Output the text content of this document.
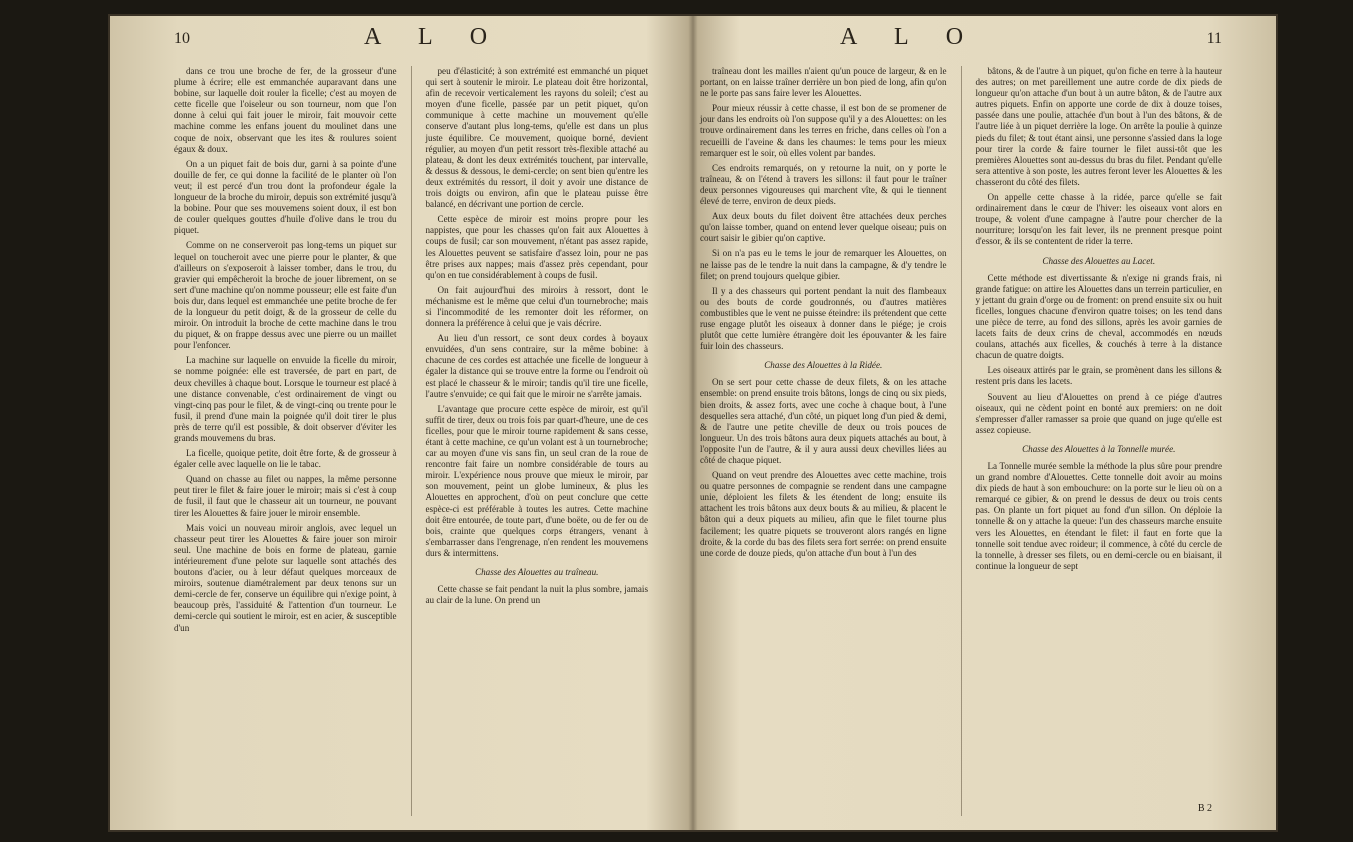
10	A L O

dans ce trou une broche de fer, de la grosseur d'une plume à écrire; elle est emmanchée auparavant dans une bobine, sur laquelle doit rouler la ficelle; c'est au moyen de cette ficelle que l'oiseleur ou son tourneur, nom que l'on donne à celui qui fait jouer le miroir, fait mouvoir cette machine comme les enfans jouent du moulinet dans une coque de noix, observant que les ites & roulures soient égaux & doux.

On a un piquet fait de bois dur, garni à sa pointe d'une douille de fer, ce qui donne la facilité de le planter où l'on veut; il est percé d'un trou dont la profondeur égale la longueur de la broche du miroir, depuis son extrémité jusqu'à la bobine. Pour que ses mouvemens soient doux, il est bon de couler quelques gouttes d'huile d'olive dans le trou du piquet.

Comme on ne conserveroit pas long-tems un piquet sur lequel on toucheroit avec une pierre pour le planter, & que d'ailleurs on s'exposeroit à laisser tomber, dans le trou, du gravier qui empêcheroit la broche de jouer librement, on se sert d'une machine qu'on nomme pousseur; elle est faite d'un bois dur, dans lequel est emmanchée une petite broche de fer de la longueur du petit doigt, & de la grosseur de celle du miroir. On introduit la broche de cette machine dans le trou du piquet, & on frappe dessus avec une pierre ou un maillet pour l'enfoncer.

La machine sur laquelle on envuide la ficelle du miroir, se nomme poignée: elle est traversée, de part en part, de deux chevilles à chaque bout. Lorsque le tourneur est placé à une distance convenable, c'est ordinairement de vingt ou vingt-cinq pas pour le filet, & de vingt-cinq ou trente pour le fusil, il prend d'une main la poignée qu'il doit tirer le plus près de terre qu'il est possible, & doit observer d'éviter les grands mouvemens du bras.

La ficelle, quoique petite, doit être forte, & de grosseur à égaler celle avec laquelle on lie le tabac.

Quand on chasse au filet ou nappes, la même personne peut tirer le filet & faire jouer le miroir; mais si c'est à coup de fusil, il faut que le chasseur ait un tourneur, ne pouvant tirer les Alouettes & faire jouer le miroir ensemble.

Mais voici un nouveau miroir anglois, avec lequel un chasseur peut tirer les Alouettes & faire jouer son miroir seul. Une machine de bois en forme de plateau, garnie intérieurement d'une pelote sur laquelle sont attachés des boutons d'acier, ou à leur défaut quelques morceaux de miroirs, soutenue diamétralement par deux tenons sur un demi-cercle de fer, conserve un équilibre qui n'exige point, à beaucoup près, l'assiduité & l'attention d'un tourneur. Le demi-cercle qui soutient le miroir, est en acier, & susceptible d'un

peu d'élasticité; à son extrémité est emmanché un piquet qui sert à soutenir le miroir. Le plateau doit être horizontal, afin de recevoir verticalement les rayons du soleil; c'est au moyen d'une ficelle, passée par un petit piquet, qu'on communique à cette machine un mouvement qu'elle conserve d'autant plus long-tems, qu'elle est dans un plus juste équilibre. Ce mouvement, quoique borné, devient régulier, au moyen d'un petit ressort très-flexible attaché au plateau, & dont les deux extrémités touchent, par intervalle, & dessus & dessous, le demi-cercle; on sent bien qu'entre les deux extrémités du ressort, il doit y avoir une distance de trois doigts ou environ, afin que le plateau puisse être balancé, en décrivant une portion de cercle.

Cette espèce de miroir est moins propre pour les nappistes, que pour les chasses qu'on fait aux Alouettes à coups de fusil; car son mouvement, n'étant pas assez rapide, les Alouettes peuvent se satisfaire d'assez loin, pour ne pas être prises aux nappes; mais d'assez près cependant, pour qu'on en tue considérablement à coups de fusil.

On fait aujourd'hui des miroirs à ressort, dont le méchanisme est le même que celui d'un tournebroche; mais si l'incommodité de les remonter doit les réformer, on donnera la préférence à celui que je vais décrire.

Au lieu d'un ressort, ce sont deux cordes à boyaux envuidées, d'un sens contraire, sur la même bobine: à chacune de ces cordes est attachée une ficelle de longueur à égaler la distance qui se trouve entre la forme ou l'endroit où est placé le chasseur & le miroir; tandis qu'il tire une ficelle, l'autre s'envuide; ce qui fait que le miroir ne s'arrête jamais.

L'avantage que procure cette espèce de miroir, est qu'il suffit de tirer, deux ou trois fois par quart-d'heure, une de ces ficelles, pour que le miroir tourne rapidement & sans cesse, étant à cette machine, ce qu'un volant est à un tournebroche; car au moyen d'une vis sans fin, un seul cran de la roue de rencontre fait faire un nombre considérable de tours au miroir. L'expérience nous prouve que mieux le miroir, par son mouvement, peint un globe lumineux, & plus les Alouettes en approchent, d'où on peut conclure que cette espèce-ci est préférable à toutes les autres. Cette machine doit être entourée, de toute part, d'une boëte, ou de fer ou de bois, crainte que quelques corps étrangers, venant à s'embarrasser dans l'engrenage, n'en rendent les mouvemens durs & intermittens.

Chasse des Alouettes au traîneau.

Cette chasse se fait pendant la nuit la plus sombre, jamais au clair de la lune. On prend un

A L O	11

traîneau dont les mailles n'aient qu'un pouce de largeur, & en le portant, on en laisse traîner derrière un bon pied de long, afin qu'on ne le porte pas sans faire lever les Alouettes.

Pour mieux réussir à cette chasse, il est bon de se promener de jour dans les endroits où l'on suppose qu'il y a des Alouettes: on les trouve ordinairement dans les terres en friche, dans celles où l'on a recueilli de l'aveine & dans les chaumes: le tems pour les mieux remarquer est le soir, où elles volent par bandes.

Ces endroits remarqués, on y retourne la nuit, on y porte le traîneau, & on l'étend à travers les sillons: il faut pour le traîner deux personnes vigoureuses qui marchent vîte, & qui le tiennent élevé de terre, environ de deux pieds.

Aux deux bouts du filet doivent être attachées deux perches qu'on laisse tomber, quand on entend lever quelque oiseau; puis on court saisir le gibier qu'on captive.

Si on n'a pas eu le tems le jour de remarquer les Alouettes, on ne laisse pas de le tendre la nuit dans la campagne, & d'y tendre le filet; on prend toujours quelque gibier.

Il y a des chasseurs qui portent pendant la nuit des flambeaux ou des bouts de corde goudronnés, ou d'autres matières combustibles que le vent ne puisse éteindre: ils prétendent que cette ruse engage plutôt les oiseaux à donner dans le piége; je crois plutôt que cette lumière étrangère doit les épouvanter & les faire fuir loin des chasseurs.

Chasse des Alouettes à la Ridée.

On se sert pour cette chasse de deux filets, & on les attache ensemble: on prend ensuite trois bâtons, longs de cinq ou six pieds, bien droits, & assez forts, avec une coche à chaque bout, à l'une desquelles sera attaché, d'un côté, un piquet long d'un pied & demi, & de l'autre une petite cheville de deux ou trois pouces de longueur. Un des trois bâtons aura deux piquets attachés au bout, à l'opposite l'un de l'autre, & il y aura aussi deux chevilles liées au côté de chaque piquet.

Quand on veut prendre des Alouettes avec cette machine, trois ou quatre personnes de compagnie se rendent dans une campagne unie, déploient les filets & les étendent de long; ensuite ils attachent les trois bâtons aux deux bouts & au milieu, & placent le bâton qui a deux piquets au milieu, afin que le filet tourne plus facilement; les quatre piquets se trouveront alors rangés en ligne droite, & la corde du bas des filets sera fort serrée: on prend ensuite une corde de douze pieds, qu'on attache d'un bout à l'un des

bâtons, & de l'autre à un piquet, qu'on fiche en terre à la hauteur des autres; on met pareillement une autre corde de dix pieds de longueur qu'on attache d'un bout à un autre bâton, & de l'autre aux autres piquets. Enfin on apporte une corde de dix à douze toises, passée dans une poulie, attachée d'un bout à l'un des bâtons, & de l'autre liée à un piquet derrière la loge. On arrête la poulie à quinze pieds du filet; & tout étant ainsi, une personne s'assied dans la loge pour tirer la corde & faire tourner le filet aussi-tôt que les premières Alouettes sont au-dessus du bras du filet. Pendant qu'elle sera attentive à son poste, les autres feront lever les Alouettes & les chasseront du côté des filets.

On appelle cette chasse à la ridée, parce qu'elle se fait ordinairement dans le cœur de l'hiver: les oiseaux vont alors en troupe, & volent d'une campagne à l'autre pour chercher de la nourriture; lorsqu'on les fait lever, ils ne prennent presque point d'essor, & ils se contentent de rider la terre.

Chasse des Alouettes au Lacet.

Cette méthode est divertissante & n'exige ni grands frais, ni grande fatigue: on attire les Alouettes dans un terrein particulier, en y jettant du grain d'orge ou de froment: on prend ensuite six ou huit ficelles, longues chacune d'environ quatre toises; on les tend dans une pièce de terre, au fond des sillons, après les avoir garnies de lacets faits de deux crins de cheval, accommodés en nœuds coulans, attachés aux ficelles, & couchés à terre à la distance chacun de quatre doigts.

Les oiseaux attirés par le grain, se promènent dans les sillons & restent pris dans les lacets.

Souvent au lieu d'Alouettes on prend à ce piége d'autres oiseaux, qui ne cèdent point en bonté aux premiers: on ne doit s'empresser d'aller ramasser sa proie que quand on juge qu'elle est assez copieuse.

Chasse des Alouettes à la Tonnelle murée.

La Tonnelle murée semble la méthode la plus sûre pour prendre un grand nombre d'Alouettes. Cette tonnelle doit avoir au moins dix pieds de haut à son embouchure: on la porte sur le lieu où on a remarqué ce gibier, & on prend le dessus de deux ou trois cents pas. On plante un fort piquet au fond d'un sillon. On déploie la tonnelle & on y attache la queue: l'un des chasseurs marche ensuite vers les Alouettes, en étendant le filet: il faut en forte que la tonnelle soit tendue avec roideur; il commence, à côté du cercle de la tonnelle, à dresser ses filets, ou en demi-cercle ou en biaisant, il continue la longueur de sept

B 2
